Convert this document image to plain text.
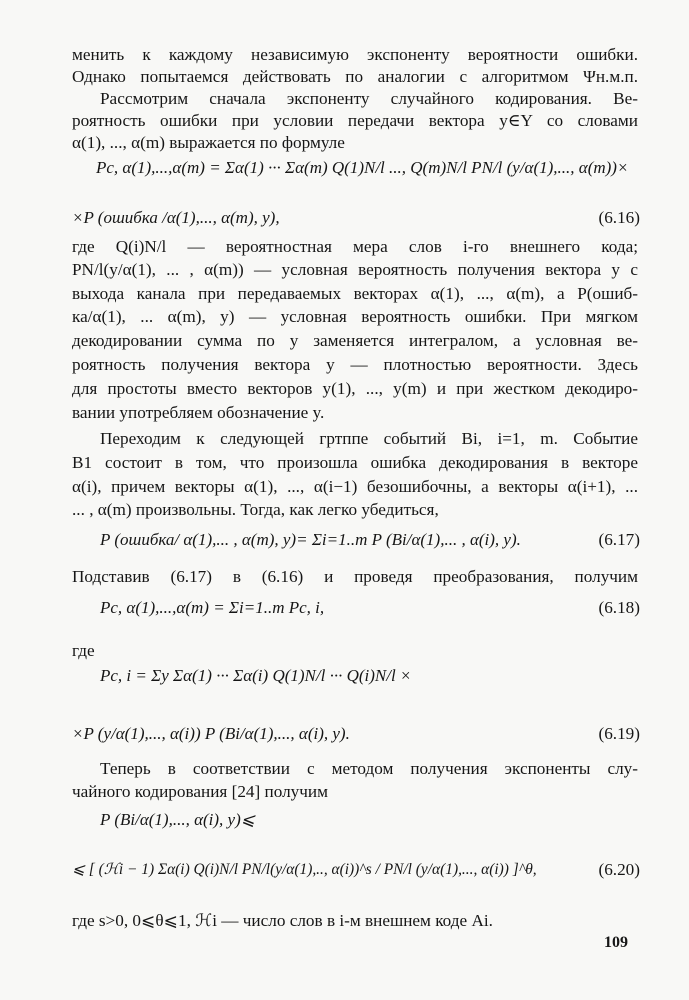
менить к каждому независимую экспоненту вероятности ошибки.
Однако попытаемся действовать по аналогии с алгоритмом Ψн.м.п.
Рассмотрим сначала экспоненту случайного кодирования. Ве-
роятность ошибки при условии передачи вектора y∈Y со словами
α(1), ..., α(m) выражается по формуле
Pc, α(1),...,α(m) = Σα(1) ··· Σα(m) Q(1)N/l ..., Q(m)N/l PN/l (y/α(1),..., α(m))×
×P (ошибка /α(1),..., α(m), y),	(6.16)
где Q(i)N/l — вероятностная мера слов i-го внешнего кода;
PN/l(y/α(1), ... , α(m)) — условная вероятность получения вектора y с
выхода канала при передаваемых векторах α(1), ..., α(m), а P(ошиб-
ка/α(1), ... α(m), y) — условная вероятность ошибки. При мягком
декодировании сумма по y заменяется интегралом, а условная ве-
роятность получения вектора y — плотностью вероятности. Здесь
для простоты вместо векторов y(1), ..., y(m) и при жестком декодиро-
вании употребляем обозначение y.
Переходим к следующей гртппе событий Bi, i=1, m. Событие
B1 состоит в том, что произошла ошибка декодирования в векторе
α(i), причем векторы α(1), ..., α(i−1) безошибочны, а векторы α(i+1), ...
... , α(m) произвольны. Тогда, как легко убедиться,
P (ошибка/ α(1),... , α(m), y)= Σi=1..m P (Bi/α(1),... , α(i), y).	(6.17)
Подставив (6.17) в (6.16) и проведя преобразования, получим
Pc, α(1),...,α(m) = Σi=1..m Pc, i,	(6.18)
где
Pc, i = Σy Σα(1) ··· Σα(i) Q(1)N/l ··· Q(i)N/l ×
×P (y/α(1),..., α(i)) P (Bi/α(1),..., α(i), y).	(6.19)
Теперь в соответствии с методом получения экспоненты слу-
чайного кодирования [24] получим
P (Bi/α(1),..., α(i), y)⩽
⩽ [ (ℋi − 1) Σα(i) Q(i)N/l PN/l(y/α(1),.., α(i))^s / PN/l (y/α(1),..., α(i)) ]^θ,	(6.20)
где s>0, 0⩽θ⩽1, ℋi — число слов в i-м внешнем коде Ai.
109
